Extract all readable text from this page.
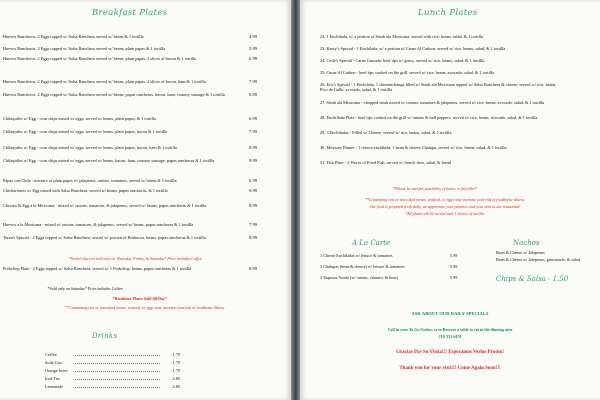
Breakfast Plates
Huevos Rancheros, 2 Eggs topped w/ Salsa Ranchera served w/ beans & 1 tortilla	4.99
Huevos Rancheros, 2 Eggs topped w/ Salsa Ranchera served w/ beans, plain papas & 1 tortilla	5.99
Huevos Rancheros, 2 Eggs topped w/ Salsa Ranchera served w/ beans, plain papas, 2 slices of bacon & 1 tortilla	6.99
Huevos Rancheros, 2 Eggs topped w/ Salsa Ranchera served w/ beans, plain papas, 2 slices of bacon, ham & 1 tortilla	7.99
Huevos Rancheros, 2 Eggs topped w/ Salsa Ranchera served w/ beans, papas rancheras, bacon, ham, country sausage & 1 tortilla	8.99
Chilaquiles w/ Egg - corn chips mixed w/ eggs, served w/ beans, plain papas, & 1 tortilla	6.99
Chilaquiles w/ Egg - corn chips mixed w/ eggs, served w/ beans, plain papas, bacon & 1 tortilla	7.99
Chilaquiles w/ Egg - corn chips mixed w/ eggs, served w/ beans, plain papas, bacon, ham & 1 tortilla	8.99
Chilaquiles w/ Egg - corn chips mixed w/ eggs, served w/ beans, bacon, ham, country sausage, papas rancheras & 1 tortilla	9.99
Papas con Chile - mixture of plain papas w/ jalapenos, onions, tomatoes, served w/ beans & 1 tortilla	6.99
Chicharrones w/ Egg mixed with Salsa Ranchera, served w/ beans, papas rancheras, & 1 tortilla	9.99
Chorizo & Egg a la Mexicana - mixed w/ onions, tomatoes, & jalapenos, served w/ beans, papas rancheras & 1 tortilla	8.99
Huevos a la Mexicana - mixed w/ onions, tomatoes, & jalapenos, served w/ beans, papas rancheras & 1 tortilla	7.99
Teran's Special - 2 Eggs topped w/ Salsa Ranchera, served w/ portion of Barbacoa, beans, papas rancheras & 1 tortilla	8.99
Porkchop Plate - 2 Eggs topped w/ Salsa Ranchera, served w/ 1 Porkchop, beans, papas rancheras & 1 tortilla	8.99
*Teran's Special sold only on Thursday, Friday, & Saturday* Price includes Coffee
*Sold only on Saturday* Price includes Coffee
*Breakfast Plates Sold All Day*
**Consuming raw or uncooked meats, seafood, or eggs may increase your risk of foodborne illness.
Drinks
Coffee	1.79
Soda Can	1.79
Orange Juice	1.79
Iced Tea	2.85
Lemonade	2.85
Lunch Plates
22. 1 Enchilada, w/ a portion of Steak ala Mexicana, served with rice, beans, salad, & 1 tortilla
23. Kassy's Special - 1 Enchilada, w/ a portion of Carne Al Carbon, served w/ rice, beans, salad, & 1 tortilla
24. Cody's Special - Carne Guisada: beef tips w/ gravy, served w/ rice, beans, salad, & 1 tortilla
25. Carne Al Carbon - beef tips cooked on the grill, served w/ rice, beans, avocado, salad, & 1 tortilla
26. Eric's Special - 1 Enchilada, 1 chimmichanga filled w/ Steak ala Mexicana topped w/ Salsa Ranchera & cheese, served w/ rice, beans, Pico de Gallo, avocado, salad, & 1 tortilla
27. Steak ala Mexicana - chopped steak mixed w/ onions, tomatoes & jalapenos, served w/ rice, beans, avocado, salad, & 1 tortilla
28. Enchillada Plate - beef tips cooked on the grill w/ onions & bell peppers, served w/ rice, beans, avocado, salad, & 1 tortilla
29. 3 Enchiladas - Filled w/ Cheese, served w/ rice, beans, salad, & 1 tortilla
30. Mexican Dinner - 1 cheese enchilada, 1 bean & cheese Chalupa, served w/ rice, beans, salad, & 1 tortilla
31. Fish Plate - 2 Pieces of Fried Fish, served w/ french fries, salad, & bread
*Please be careful, possibility of bones in fish fillet*
**Consuming raw or uncooked meats, seafood, or eggs may increase your risk of foodborne illness.
Our food is prepared fresh daily, we appreciate your patience and your visit to our restaurant!
*All plates will be served with 1 choice of tortilla.
A La Carte
1 Cheese Enchiladas w/ lettuce & tomatoes	5.99
3 Chalupas (bean & cheese) w/ lettuce & tomatoes	5.99
3 Taquitos Azada (w/ onions, cilantro, & lime)	5.99
Nachos
Bean & Cheese w/ Jalapenos
Bean & Cheese w/ Jalapenos, guacamole, & salad
Chips & Salsa - 1.50
ASK ABOUT OUR DAILY SPECIALS
Call in your To Go Orders or to Reserve a table to eat in the dinning area
210-333-6470
Gracias Por Su Visita!!! Esperamos Verlos Pronto!
Thank you for your visit!!! Come Again Soon!!!
